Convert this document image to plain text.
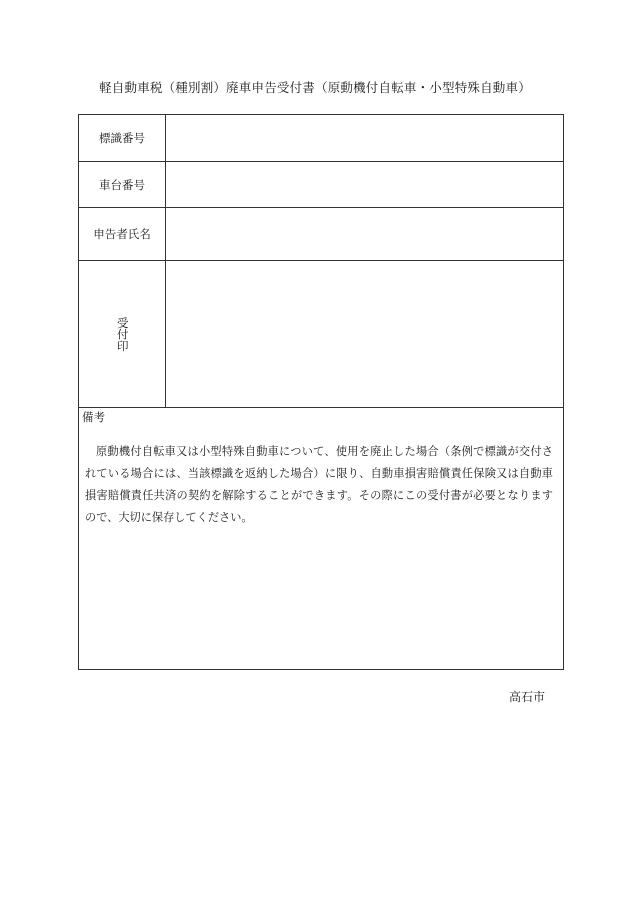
軽自動車税（種別割）廃車申告受付書（原動機付自転車・小型特殊自動車）
標識番号
車台番号
申告者氏名
受付印
備考
原動機付自転車又は小型特殊自動車について、使用を廃止した場合（条例で標識が交付されている場合には、当該標識を返納した場合）に限り、自動車損害賠償責任保険又は自動車損害賠償責任共済の契約を解除することができます。その際にこの受付書が必要となりますので、大切に保存してください。
高石市
